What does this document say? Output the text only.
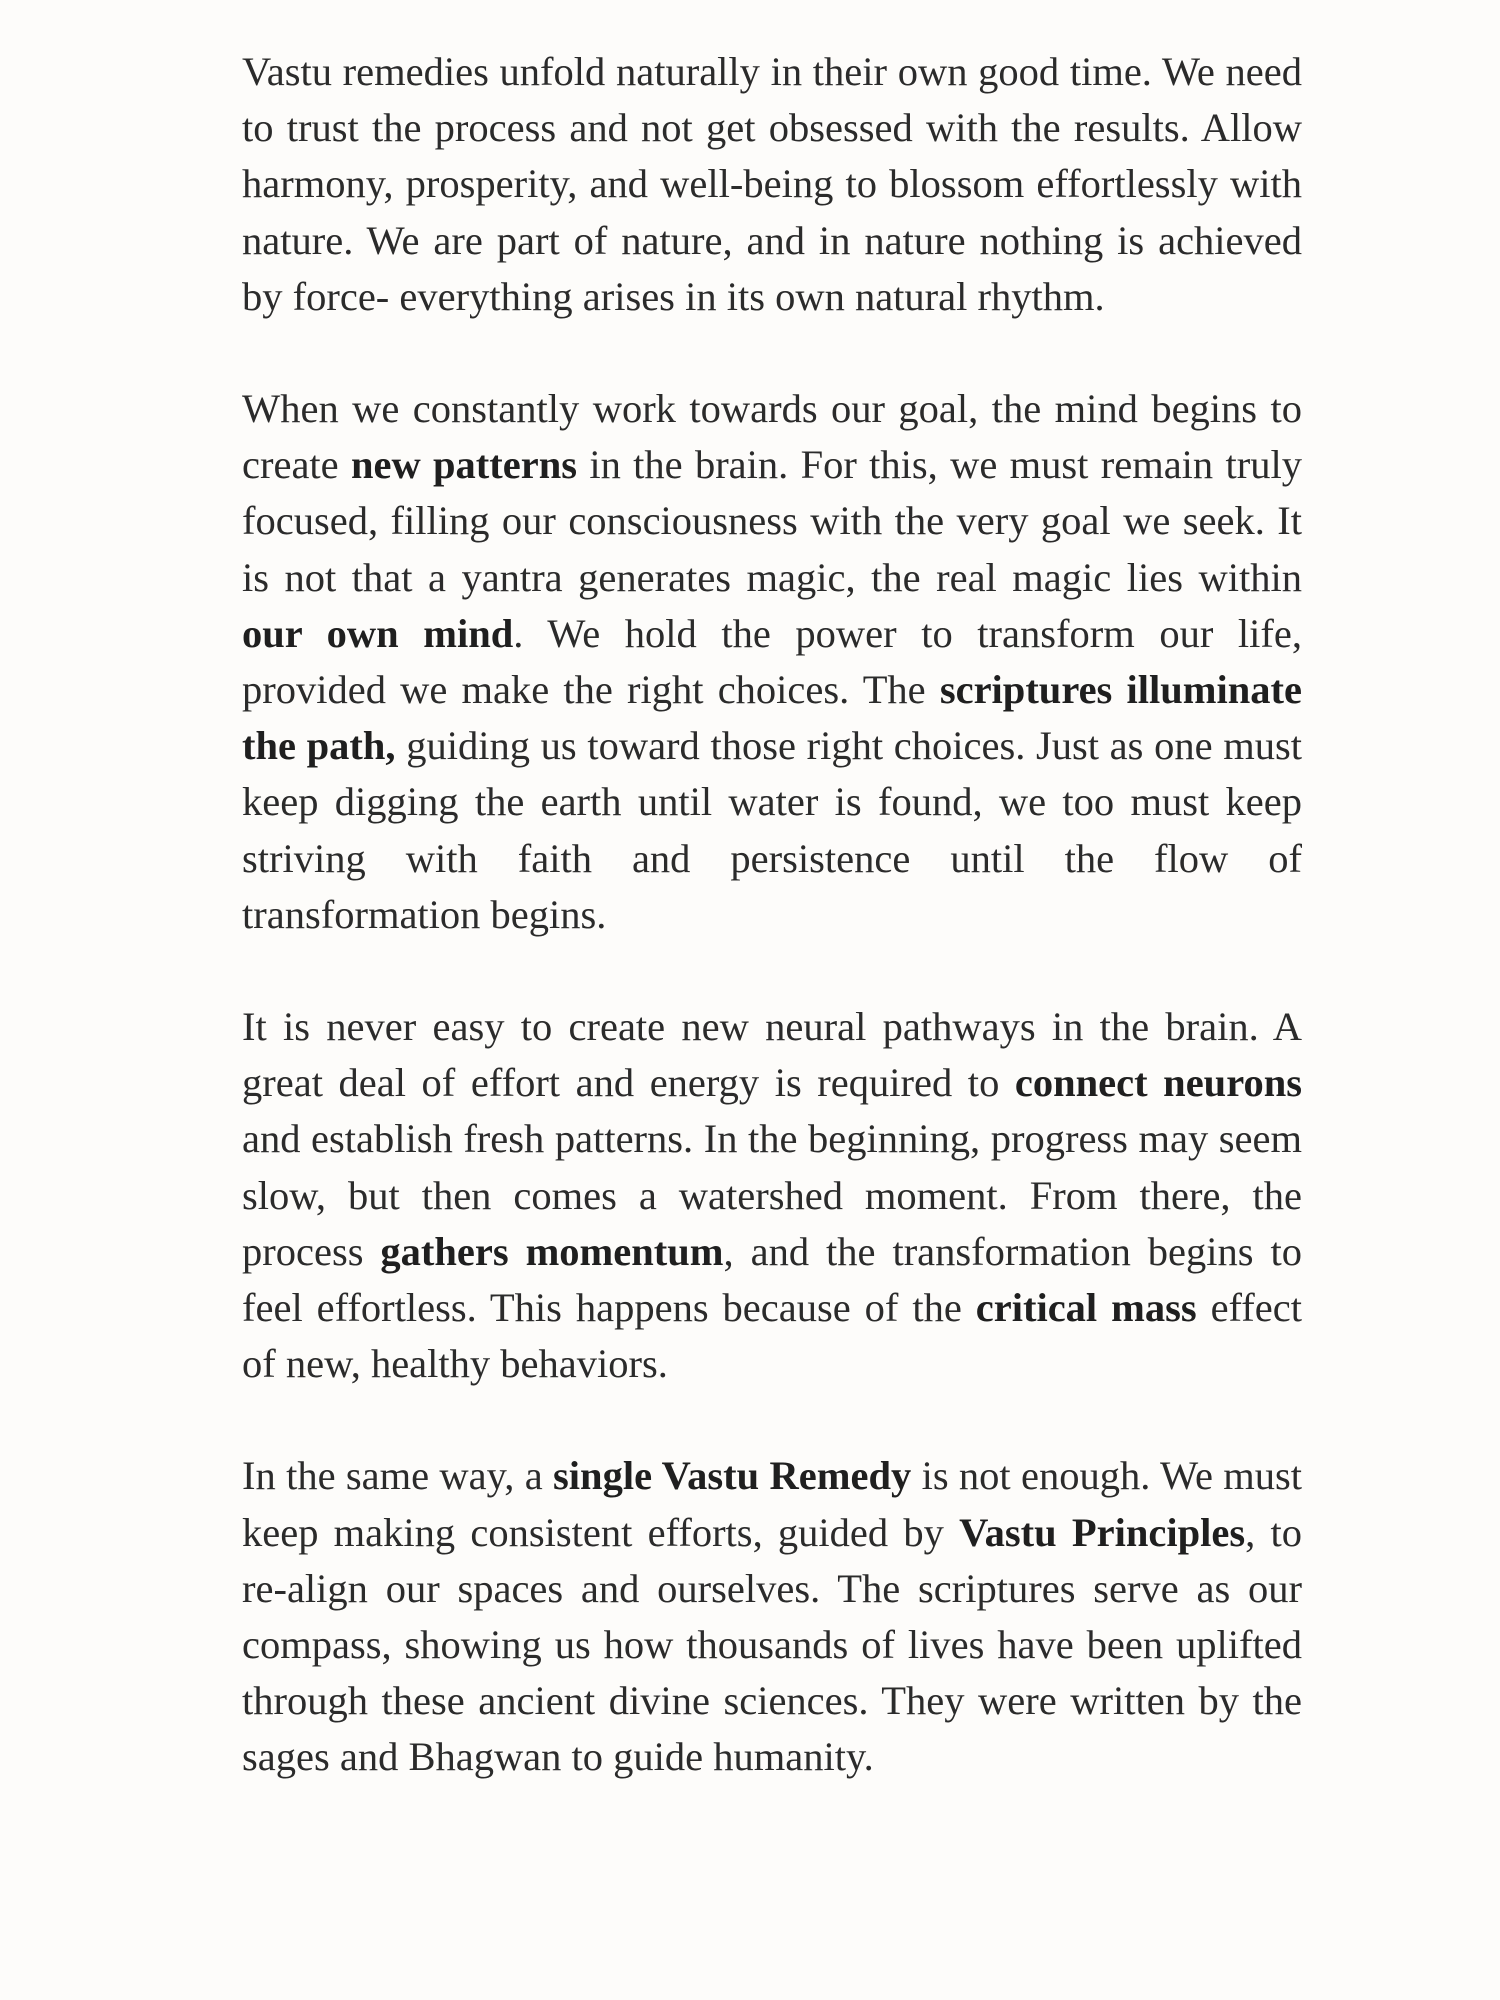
Vastu remedies unfold naturally in their own good time. We need to trust the process and not get obsessed with the results. Allow harmony, prosperity, and well-being to blossom effortlessly with nature. We are part of nature, and in nature nothing is achieved by force- everything arises in its own natural rhythm.

When we constantly work towards our goal, the mind begins to create new patterns in the brain. For this, we must remain truly focused, filling our consciousness with the very goal we seek. It is not that a yantra generates magic, the real magic lies within our own mind. We hold the power to transform our life, provided we make the right choices. The scriptures illuminate the path, guiding us toward those right choices. Just as one must keep digging the earth until water is found, we too must keep striving with faith and persistence until the flow of transformation begins.

It is never easy to create new neural pathways in the brain. A great deal of effort and energy is required to connect neurons and establish fresh patterns. In the beginning, progress may seem slow, but then comes a watershed moment. From there, the process gathers momentum, and the transformation begins to feel effortless. This happens because of the critical mass effect of new, healthy behaviors.

In the same way, a single Vastu Remedy is not enough. We must keep making consistent efforts, guided by Vastu Principles, to re-align our spaces and ourselves. The scriptures serve as our compass, showing us how thousands of lives have been uplifted through these ancient divine sciences. They were written by the sages and Bhagwan to guide humanity.
